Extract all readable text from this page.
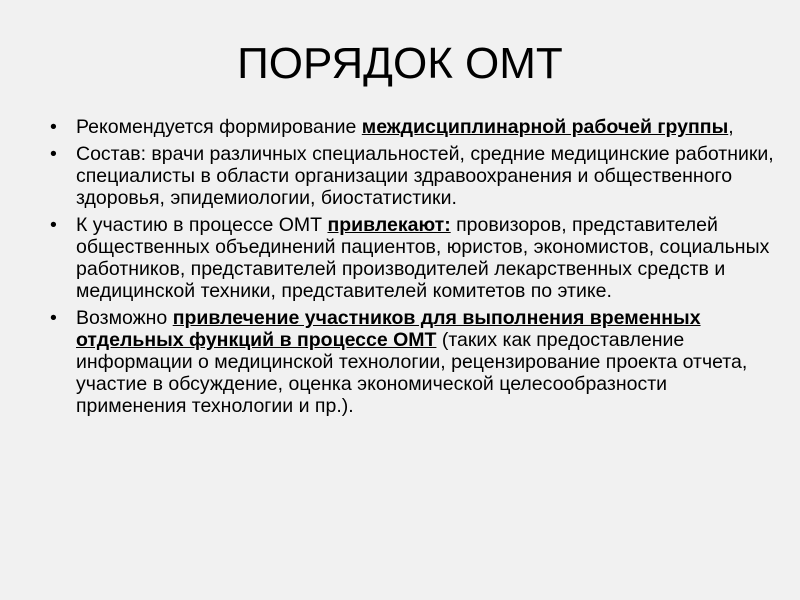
ПОРЯДОК ОМТ
• Рекомендуется формирование междисциплинарной рабочей группы,
• Состав: врачи различных специальностей, средние медицинские работники, специалисты в области организации здравоохранения и общественного здоровья, эпидемиологии, биостатистики.
• К участию в процессе ОМТ привлекают: провизоров, представителей общественных объединений пациентов, юристов, экономистов, социальных работников, представителей производителей лекарственных средств и медицинской техники, представителей комитетов по этике.
• Возможно привлечение участников для выполнения временных отдельных функций в процессе ОМТ (таких как предоставление информации о медицинской технологии, рецензирование проекта отчета, участие в обсуждение, оценка экономической целесообразности применения технологии и пр.).
